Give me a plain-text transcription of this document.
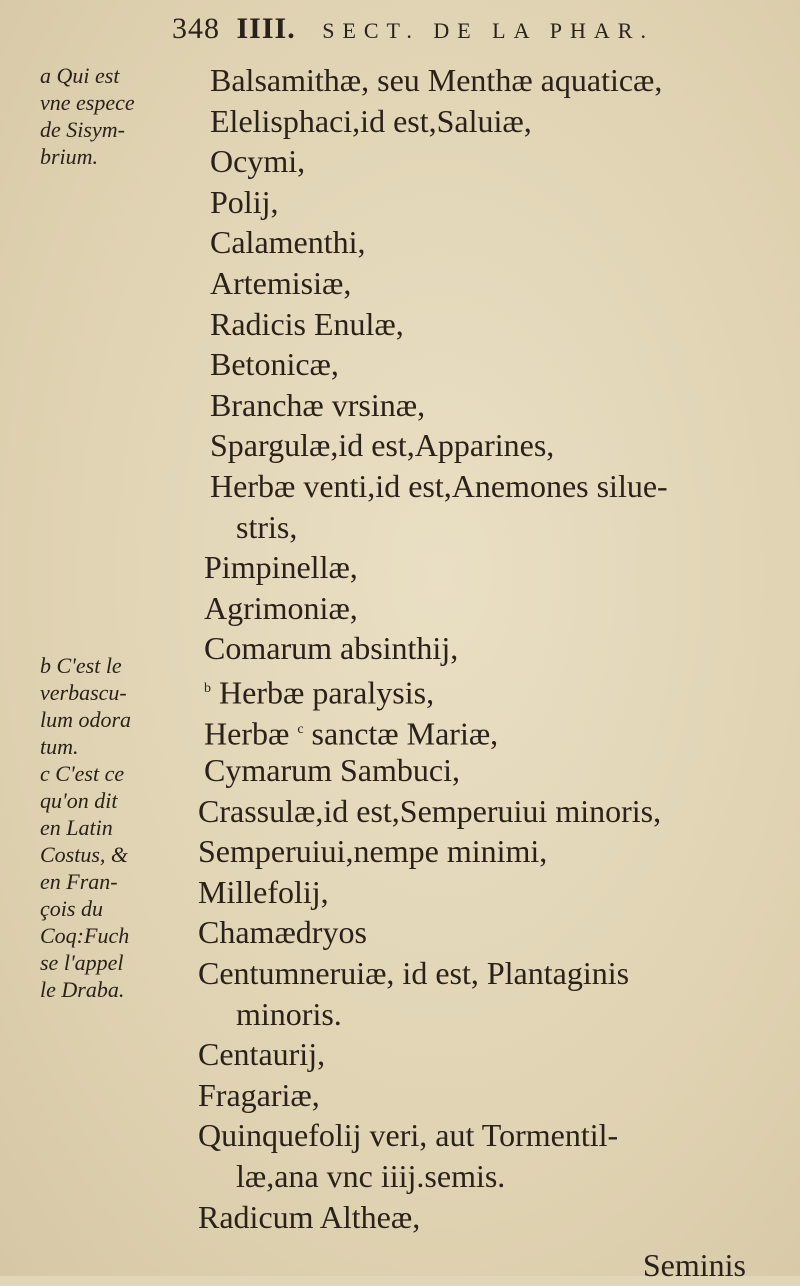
348 IIII. SECT. DE LA PHAR.
a Qui est
vne espece
de Sisym-
brium.
b C'est le
verbascu-
lum odora
tum.
c C'est ce
qu'on dit
en Latin
Costus, &
en Fran-
çois du
Coq:Fuch
se l'appel
le Draba.
Balsamithæ, seu Menthæ aquaticæ,
Elelisphaci,id est,Saluiæ,
Ocymi,
Polij,
Calamenthi,
Artemisiæ,
Radicis Enulæ,
Betonicæ,
Branchæ vrsinæ,
Spargulæ,id est,Apparines,
Herbæ venti,id est,Anemones silue-
stris,
Pimpinellæ,
Agrimoniæ,
Comarum absinthij,
$^b$ Herbæ paralysis,
Herbæ $^c$ sanctæ Mariæ,
Cymarum Sambuci,
Crassulæ,id est,Semperuiui minoris,
Semperuiui,nempe minimi,
Millefolij,
Chamædryos
Centumneruiæ, id est, Plantaginis
minoris.
Centaurij,
Fragariæ,
Quinquefolij veri, aut Tormentil-
læ,ana vnc iiij.semis.
Radicum Altheæ,
Seminis
